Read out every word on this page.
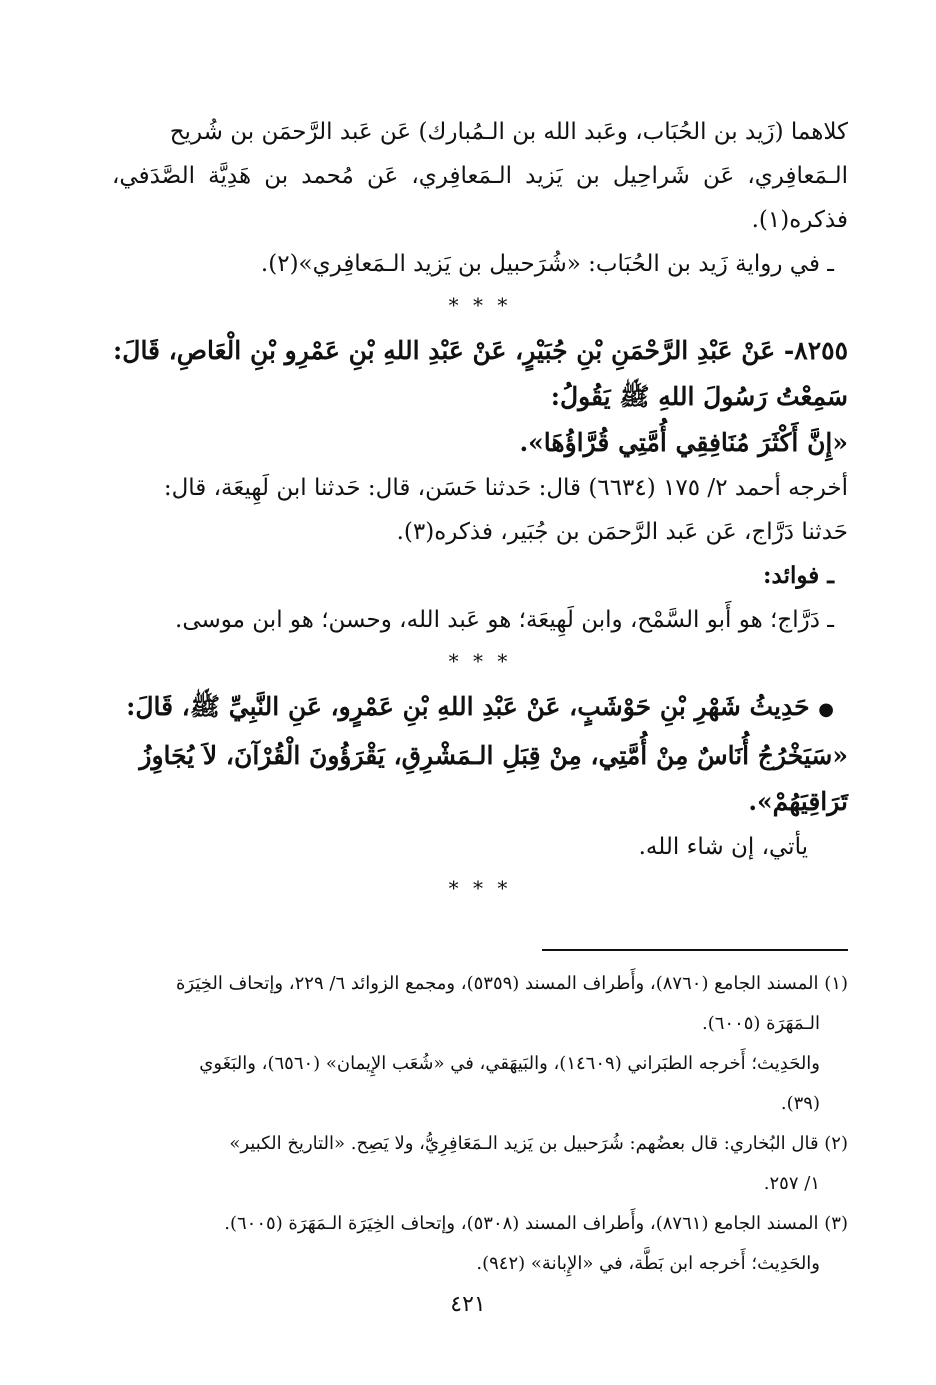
كلاهما (زَيد بن الحُبَاب، وعَبد الله بن الـمُبارك) عَن عَبد الرَّحمَن بن شُريح

الـمَعافِري، عَن شَراحِيل بن يَزيد الـمَعافِري، عَن مُحمد بن هَدِيَّة الصَّدَفي، فذكره(١).

ـ في رواية زَيد بن الحُبَاب: «شُرَحبيل بن يَزيد الـمَعافِري»(٢).

* * *

٨٢٥٥- عَنْ عَبْدِ الرَّحْمَنِ بْنِ جُبَيْرٍ، عَنْ عَبْدِ اللهِ بْنِ عَمْرِو بْنِ الْعَاصِ، قَالَ:

سَمِعْتُ رَسُولَ اللهِ ﷺ يَقُولُ:

«إِنَّ أَكْثَرَ مُنَافِقِي أُمَّتِي قُرَّاؤُهَا».

أخرجه أحمد ٢/ ١٧٥ (٦٦٣٤) قال: حَدثنا حَسَن، قال: حَدثنا ابن لَهِيعَة، قال:

حَدثنا دَرَّاج، عَن عَبد الرَّحمَن بن جُبَير، فذكره(٣).

ـ فوائد:

ـ دَرَّاج؛ هو أَبو السَّمْح، وابن لَهِيعَة؛ هو عَبد الله، وحسن؛ هو ابن موسى.

* * *

● حَدِيثُ شَهْرِ بْنِ حَوْشَبٍ، عَنْ عَبْدِ اللهِ بْنِ عَمْرٍو، عَنِ النَّبِيِّ ﷺ، قَالَ:

«سَيَخْرُجُ أُنَاسٌ مِنْ أُمَّتِي، مِنْ قِبَلِ الـمَشْرِقِ، يَقْرَؤُونَ الْقُرْآنَ، لاَ يُجَاوِزُ

تَرَاقِيَهُمْ».

يأتي، إن شاء الله.

* * *

(١) المسند الجامع (٨٧٦٠)، وأَطراف المسند (٥٣٥٩)، ومجمع الزوائد ٦/ ٢٢٩، وإتحاف الخِيَرَة

الـمَهَرَة (٦٠٠٥).

والحَدِيث؛ أَخرجه الطبَراني (١٤٦٠٩)، والبَيهَقي، في «شُعَب الإِيمان» (٦٥٦٠)، والبَغَوي

(٣٩).

(٢) قال البُخاري: قال بعضُهم: شُرَحبيل بن يَزيد الـمَعَافِرِيُّ، ولا يَصِح. «التاريخ الكبير»

١/ ٢٥٧.

(٣) المسند الجامع (٨٧٦١)، وأَطراف المسند (٥٣٠٨)، وإتحاف الخِيَرَة الـمَهَرَة (٦٠٠٥).

والحَدِيث؛ أَخرجه ابن بَطَّة، في «الإِبانة» (٩٤٢).

٤٢١
